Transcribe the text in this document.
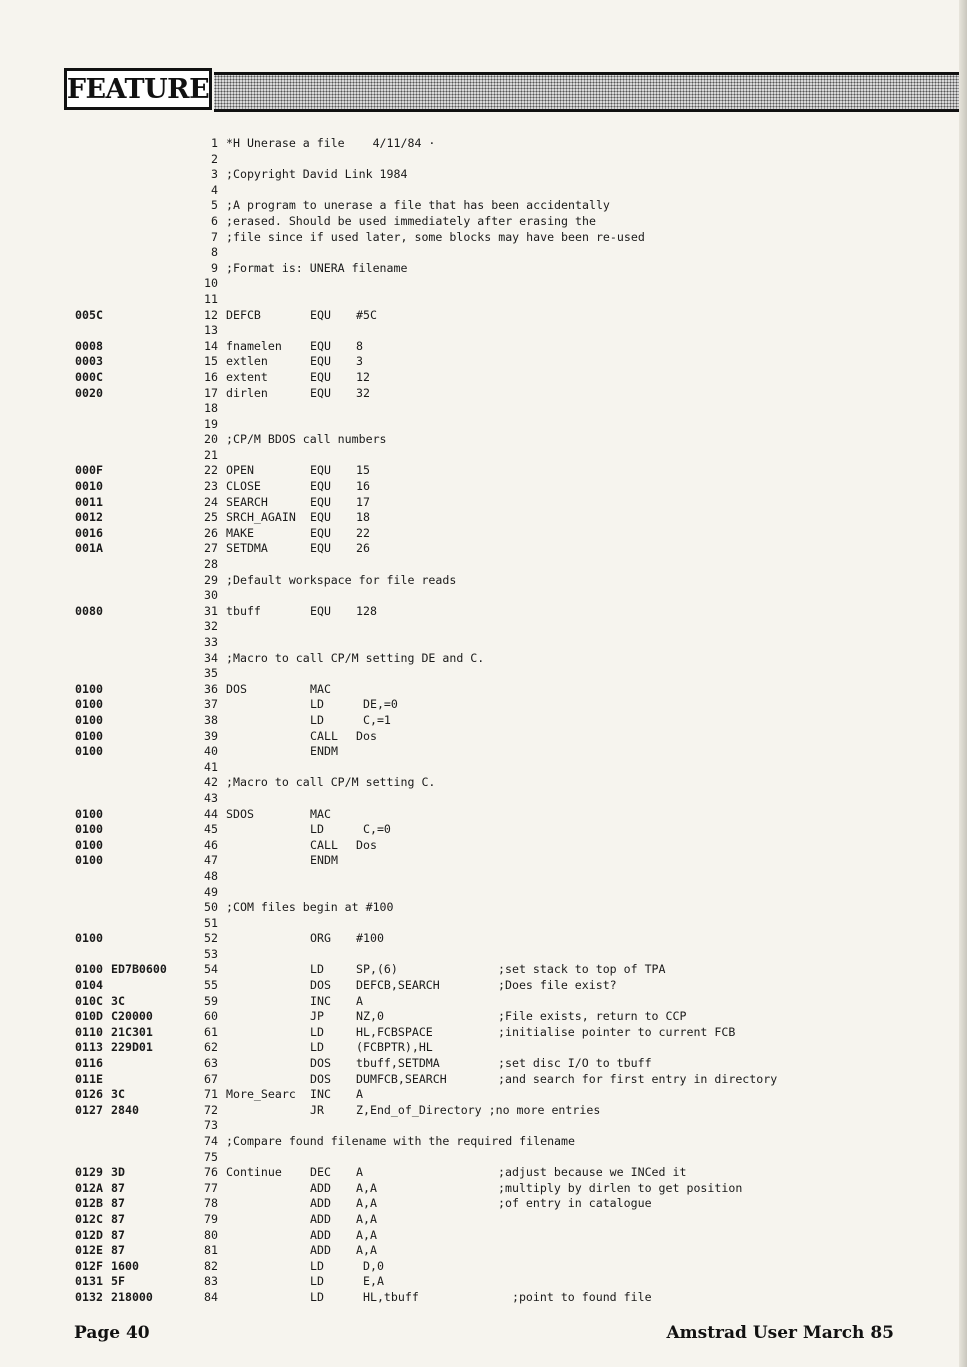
FEATURE
1 *H Unerase a file    4/11/84 ·
2
3 ;Copyright David Link 1984
4
5 ;A program to unerase a file that has been accidentally
6 ;erased. Should be used immediately after erasing the
7 ;file since if used later, some blocks may have been re-used
8
9 ;Format is: UNERA filename
10
11
005C	12 DEFCB	EQU #5C
13
0008	14 fnamelen EQU 8
0003	15 extlen	EQU 3
000C	16 extent	EQU 12
0020	17 dirlen	EQU 32
18
19
20 ;CP/M BDOS call numbers
21
000F	22 OPEN	EQU 15
0010	23 CLOSE	EQU 16
0011	24 SEARCH	EQU 17
0012	25 SRCH_AGAIN EQU 18
0016	26 MAKE	EQU 22
001A	27 SETDMA	EQU 26
28
29 ;Default workspace for file reads
30
0080	31 tbuff	EQU 128
32
33
34 ;Macro to call CP/M setting DE and C.
35
0100	36 DOS	MAC
0100	37	LD	DE,=0
0100	38	LD	C,=1
0100	39	CALL Dos
0100	40	ENDM
41
42 ;Macro to call CP/M setting C.
43
0100	44 SDOS	MAC
0100	45	LD	C,=0
0100	46	CALL Dos
0100	47	ENDM
48
49
50 ;COM files begin at #100
51
0100	52	ORG #100
53
0100 ED7B0600	54	LD	SP,(6)	;set stack to top of TPA
0104	55	DOS DEFCB,SEARCH	;Does file exist?
010C 3C	59	INC A
010D C20000	60	JP	NZ,0	;File exists, return to CCP
0110 21C301	61	LD	HL,FCBSPACE	;initialise pointer to current FCB
0113 229D01	62	LD	(FCBPTR),HL
0116	63	DOS tbuff,SETDMA	;set disc I/O to tbuff
011E	67	DOS DUMFCB,SEARCH	;and search for first entry in directory
0126 3C	71 More_Searc INC A
0127 2840	72	JR	Z,End_of_Directory ;no more entries
73
74 ;Compare found filename with the required filename
75
0129 3D	76 Continue DEC A	;adjust because we INCed it
012A 87	77	ADD A,A	;multiply by dirlen to get position
012B 87	78	ADD A,A	;of entry in catalogue
012C 87	79	ADD A,A
012D 87	80	ADD A,A
012E 87	81	ADD A,A
012F 1600	82	LD	D,0
0131 5F	83	LD	E,A
0132 218000	84	LD	HL,tbuff	;point to found file
Page 40	Amstrad User March 85
